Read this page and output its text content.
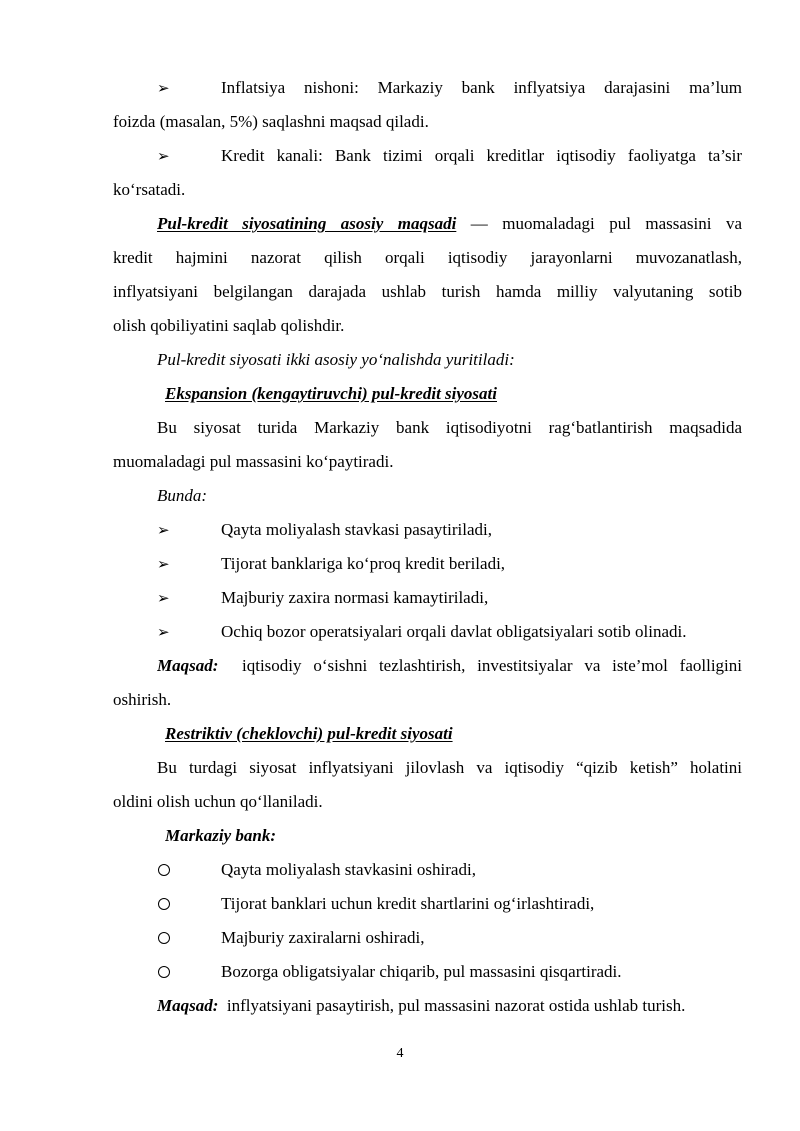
➢	Inflatsiya nishoni: Markaziy bank inflyatsiya darajasini ma’lum
foizda (masalan, 5%) saqlashni maqsad qiladi.
➢	Kredit kanali: Bank tizimi orqali kreditlar iqtisodiy faoliyatga ta’sir
ko‘rsatadi.
Pul-kredit siyosatining asosiy maqsadi — muomaladagi pul massasini va
kredit hajmini nazorat qilish orqali iqtisodiy jarayonlarni muvozanatlash,
inflyatsiyani belgilangan darajada ushlab turish hamda milliy valyutaning sotib
olish qobiliyatini saqlab qolishdir.
Pul-kredit siyosati ikki asosiy yo‘nalishda yuritiladi:
Ekspansion (kengaytiruvchi) pul-kredit siyosati
Bu siyosat turida Markaziy bank iqtisodiyotni rag‘batlantirish maqsadida
muomaladagi pul massasini ko‘paytiradi.
Bunda:
➢	Qayta moliyalash stavkasi pasaytiriladi,
➢	Tijorat banklariga ko‘proq kredit beriladi,
➢	Majburiy zaxira normasi kamaytiriladi,
➢	Ochiq bozor operatsiyalari orqali davlat obligatsiyalari sotib olinadi.
Maqsad: iqtisodiy o‘sishni tezlashtirish, investitsiyalar va iste’mol faolligini
oshirish.
Restriktiv (cheklovchi) pul-kredit siyosati
Bu turdagi siyosat inflyatsiyani jilovlash va iqtisodiy “qizib ketish” holatini
oldini olish uchun qo‘llaniladi.
Markaziy bank:
Qayta moliyalash stavkasini oshiradi,
Tijorat banklari uchun kredit shartlarini og‘irlashtiradi,
Majburiy zaxiralarni oshiradi,
Bozorga obligatsiyalar chiqarib, pul massasini qisqartiradi.
Maqsad: inflyatsiyani pasaytirish, pul massasini nazorat ostida ushlab turish.
4
